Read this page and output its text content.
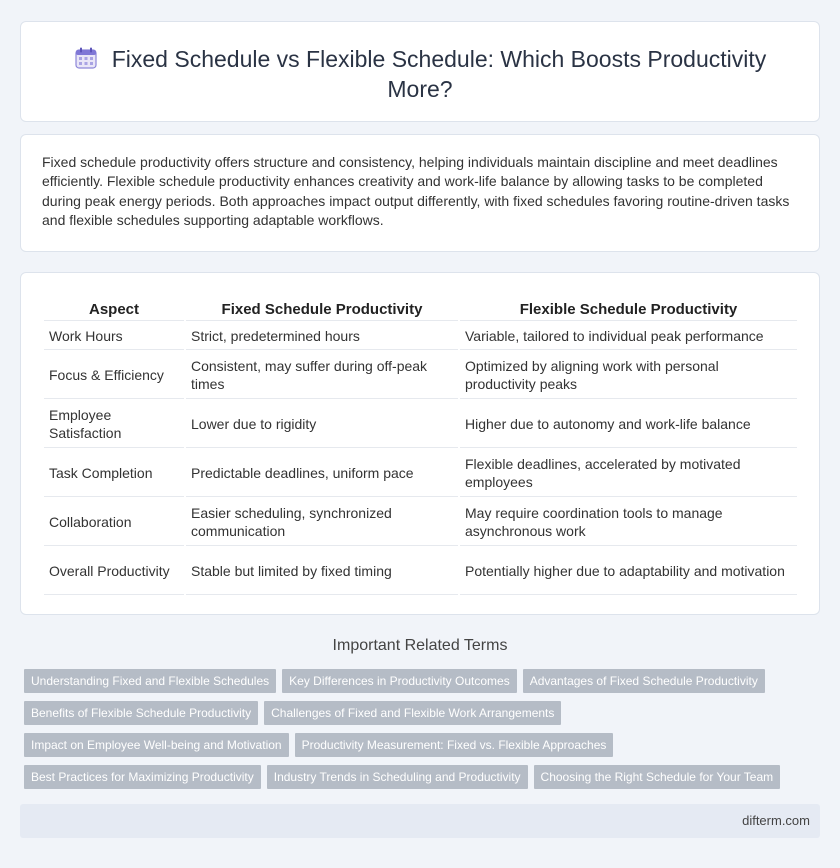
Fixed Schedule vs Flexible Schedule: Which Boosts Productivity More?

Fixed schedule productivity offers structure and consistency, helping individuals maintain discipline and meet deadlines efficiently. Flexible schedule productivity enhances creativity and work-life balance by allowing tasks to be completed during peak energy periods. Both approaches impact output differently, with fixed schedules favoring routine-driven tasks and flexible schedules supporting adaptable workflows.

Aspect	Fixed Schedule Productivity	Flexible Schedule Productivity
Work Hours	Strict, predetermined hours	Variable, tailored to individual peak performance
Focus & Efficiency	Consistent, may suffer during off-peak times	Optimized by aligning work with personal productivity peaks
Employee Satisfaction	Lower due to rigidity	Higher due to autonomy and work-life balance
Task Completion	Predictable deadlines, uniform pace	Flexible deadlines, accelerated by motivated employees
Collaboration	Easier scheduling, synchronized communication	May require coordination tools to manage asynchronous work
Overall Productivity	Stable but limited by fixed timing	Potentially higher due to adaptability and motivation
Important Related Terms
Understanding Fixed and Flexible Schedules Key Differences in Productivity Outcomes Advantages of Fixed Schedule Productivity
Benefits of Flexible Schedule Productivity Challenges of Fixed and Flexible Work Arrangements
Impact on Employee Well-being and Motivation Productivity Measurement: Fixed vs. Flexible Approaches
Best Practices for Maximizing Productivity Industry Trends in Scheduling and Productivity Choosing the Right Schedule for Your Team
difterm.com
